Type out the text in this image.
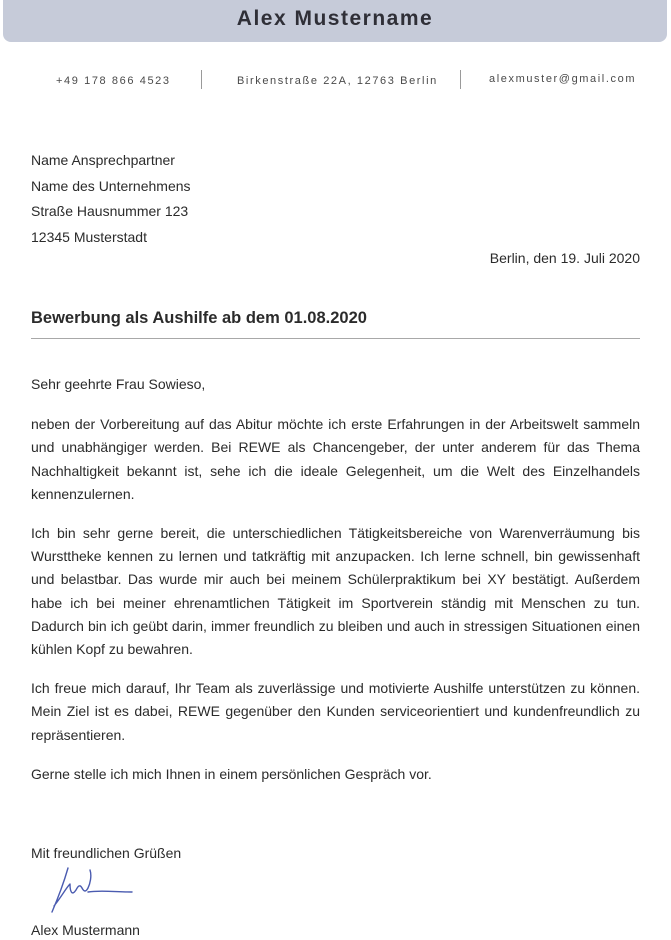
Alex Mustername
+49 178 866 4523	Birkenstraße 22A, 12763 Berlin	alexmuster@gmail.com
Name Ansprechpartner
Name des Unternehmens
Straße Hausnummer 123
12345 Musterstadt
Berlin, den 19. Juli 2020
Bewerbung als Aushilfe ab dem 01.08.2020

Sehr geehrte Frau Sowieso,

neben der Vorbereitung auf das Abitur möchte ich erste Erfahrungen in der Arbeitswelt sammeln und unabhängiger werden. Bei REWE als Chancengeber, der unter anderem für das Thema Nachhaltigkeit bekannt ist, sehe ich die ideale Gelegenheit, um die Welt des Einzelhandels kennenzulernen.

Ich bin sehr gerne bereit, die unterschiedlichen Tätigkeitsbereiche von Warenverräumung bis Wursttheke kennen zu lernen und tatkräftig mit anzupacken. Ich lerne schnell, bin gewissenhaft und belastbar. Das wurde mir auch bei meinem Schülerpraktikum bei XY bestätigt. Außerdem habe ich bei meiner ehrenamtlichen Tätigkeit im Sportverein ständig mit Menschen zu tun. Dadurch bin ich geübt darin, immer freundlich zu bleiben und auch in stressigen Situationen einen kühlen Kopf zu bewahren.

Ich freue mich darauf, Ihr Team als zuverlässige und motivierte Aushilfe unterstützen zu können. Mein Ziel ist es dabei, REWE gegenüber den Kunden serviceorientiert und kundenfreundlich zu repräsentieren.

Gerne stelle ich mich Ihnen in einem persönlichen Gespräch vor.

Mit freundlichen Grüßen
Alex Mustermann
